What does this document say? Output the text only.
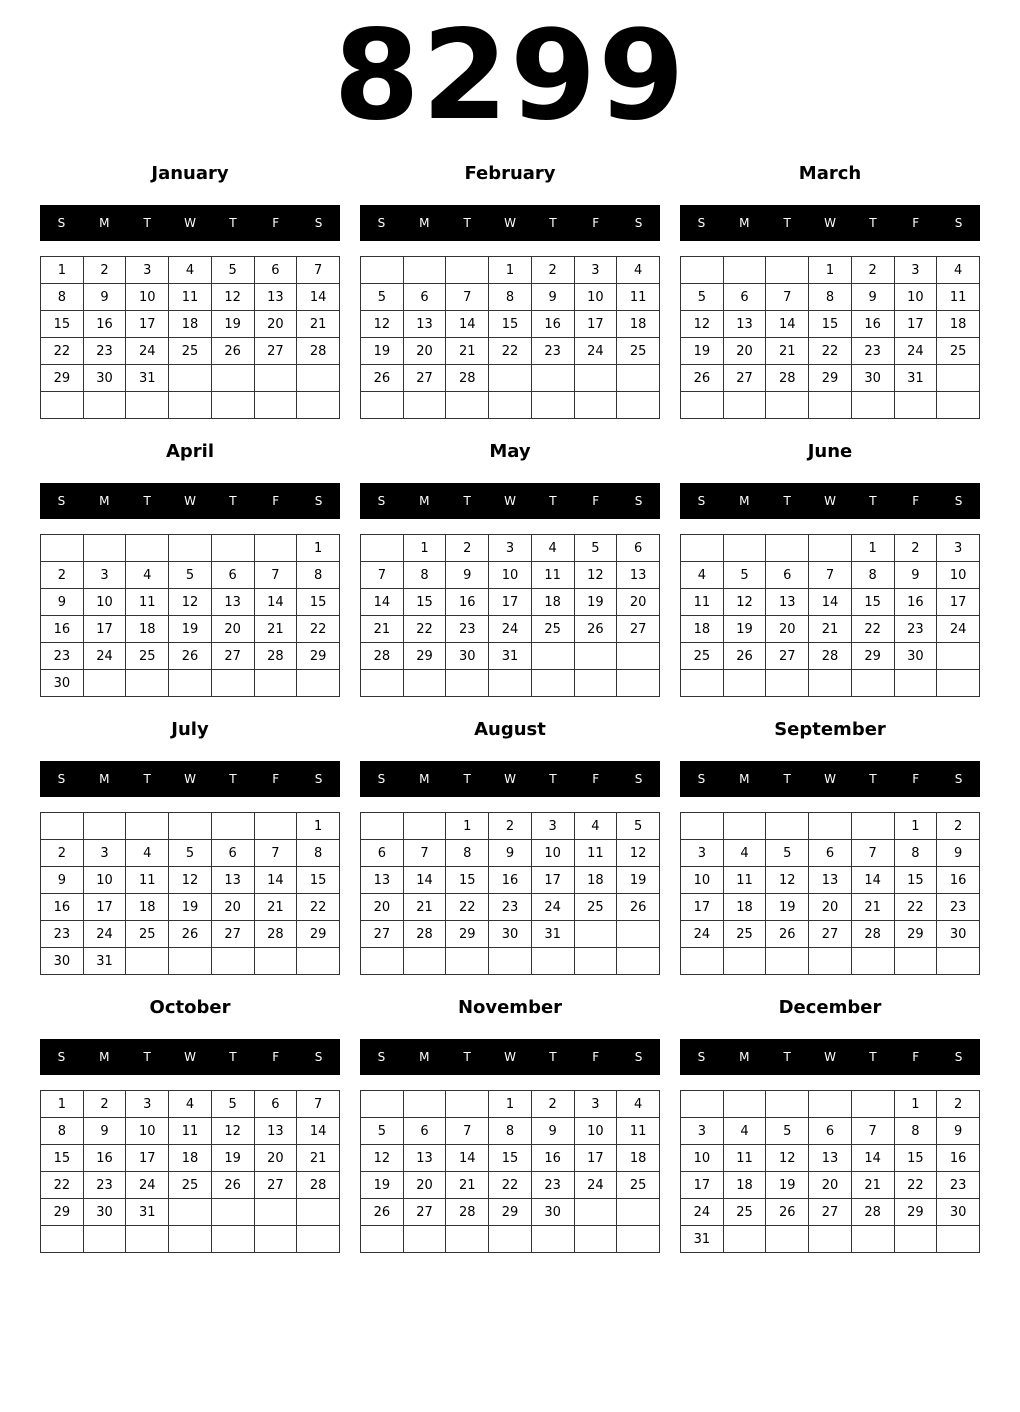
8299
January
S	M	T	W	T	F	S
1	2	3	4	5	6	7
8	9	10	11	12	13	14
15	16	17	18	19	20	21
22	23	24	25	26	27	28
29	30	31				

February
S	M	T	W	T	F	S
			1	2	3	4
5	6	7	8	9	10	11
12	13	14	15	16	17	18
19	20	21	22	23	24	25
26	27	28				

March
S	M	T	W	T	F	S
			1	2	3	4
5	6	7	8	9	10	11
12	13	14	15	16	17	18
19	20	21	22	23	24	25
26	27	28	29	30	31	

April
S	M	T	W	T	F	S
						1
2	3	4	5	6	7	8
9	10	11	12	13	14	15
16	17	18	19	20	21	22
23	24	25	26	27	28	29
30						
May
S	M	T	W	T	F	S
	1	2	3	4	5	6
7	8	9	10	11	12	13
14	15	16	17	18	19	20
21	22	23	24	25	26	27
28	29	30	31			

June
S	M	T	W	T	F	S
				1	2	3
4	5	6	7	8	9	10
11	12	13	14	15	16	17
18	19	20	21	22	23	24
25	26	27	28	29	30	

July
S	M	T	W	T	F	S
						1
2	3	4	5	6	7	8
9	10	11	12	13	14	15
16	17	18	19	20	21	22
23	24	25	26	27	28	29
30	31					
August
S	M	T	W	T	F	S
		1	2	3	4	5
6	7	8	9	10	11	12
13	14	15	16	17	18	19
20	21	22	23	24	25	26
27	28	29	30	31		

September
S	M	T	W	T	F	S
					1	2
3	4	5	6	7	8	9
10	11	12	13	14	15	16
17	18	19	20	21	22	23
24	25	26	27	28	29	30

October
S	M	T	W	T	F	S
1	2	3	4	5	6	7
8	9	10	11	12	13	14
15	16	17	18	19	20	21
22	23	24	25	26	27	28
29	30	31				

November
S	M	T	W	T	F	S
			1	2	3	4
5	6	7	8	9	10	11
12	13	14	15	16	17	18
19	20	21	22	23	24	25
26	27	28	29	30		

December
S	M	T	W	T	F	S
					1	2
3	4	5	6	7	8	9
10	11	12	13	14	15	16
17	18	19	20	21	22	23
24	25	26	27	28	29	30
31						
